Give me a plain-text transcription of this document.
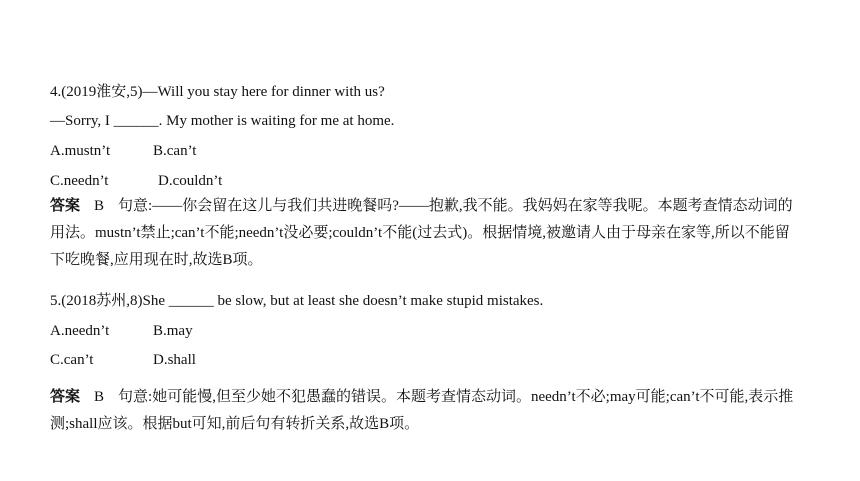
4.(2019淮安,5)—Will you stay here for dinner with us?
—Sorry, I ______. My mother is waiting for me at home.
A.mustn’t	B.can’t
C.needn’t	D.couldn’t
答案 B 句意:——你会留在这儿与我们共进晚餐吗?——抱歉,我不能。我妈妈在家等我呢。本题考查情态动词的用法。mustn’t禁止;can’t不能;needn’t没必要;couldn’t不能(过去式)。根据情境,被邀请人由于母亲在家等,所以不能留下吃晚餐,应用现在时,故选B项。
5.(2018苏州,8)She ______ be slow, but at least she doesn’t make stupid mistakes.
A.needn’t	B.may
C.can’t	D.shall
答案 B 句意:她可能慢,但至少她不犯愚蠢的错误。本题考查情态动词。needn’t不必;may可能;can’t不可能,表示推测;shall应该。根据but可知,前后句有转折关系,故选B项。
